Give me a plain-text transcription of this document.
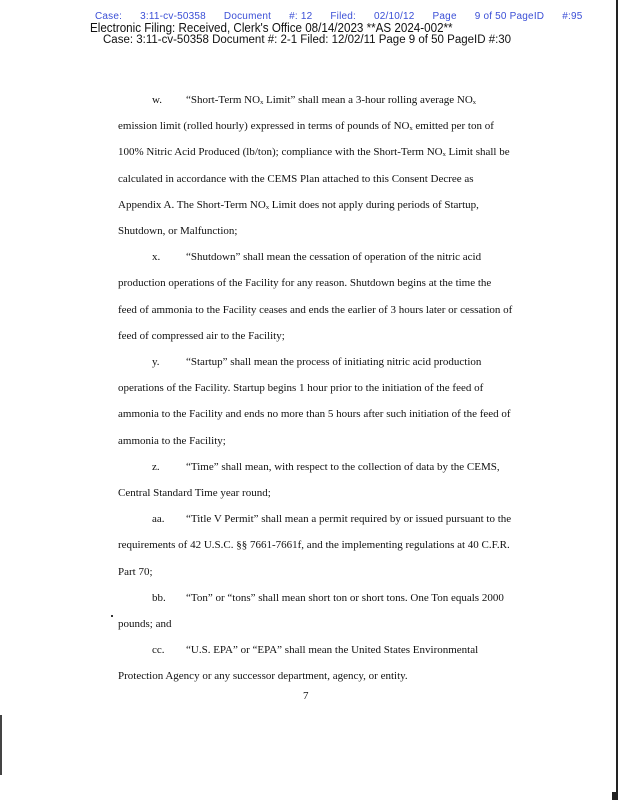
Case: 3:11-cv-50358 Document #: 12 Filed: 02/10/12 Page 9 of 50 PageID #:95
Electronic Filing: Received, Clerk's Office 08/14/2023 **AS 2024-002**
Case: 3:11-cv-50358 Document #: 2-1 Filed: 12/02/11 Page 9 of 50 PageID #:30
w. “Short-Term NOₓ Limit” shall mean a 3-hour rolling average NOₓ
emission limit (rolled hourly) expressed in terms of pounds of NOₓ emitted per ton of
100% Nitric Acid Produced (lb/ton); compliance with the Short-Term NOₓ Limit shall be
calculated in accordance with the CEMS Plan attached to this Consent Decree as
Appendix A. The Short-Term NOₓ Limit does not apply during periods of Startup,
Shutdown, or Malfunction;
x. “Shutdown” shall mean the cessation of operation of the nitric acid
production operations of the Facility for any reason. Shutdown begins at the time the
feed of ammonia to the Facility ceases and ends the earlier of 3 hours later or cessation of
feed of compressed air to the Facility;
y. “Startup” shall mean the process of initiating nitric acid production
operations of the Facility. Startup begins 1 hour prior to the initiation of the feed of
ammonia to the Facility and ends no more than 5 hours after such initiation of the feed of
ammonia to the Facility;
z. “Time” shall mean, with respect to the collection of data by the CEMS,
Central Standard Time year round;
aa. “Title V Permit” shall mean a permit required by or issued pursuant to the
requirements of 42 U.S.C. §§ 7661-7661f, and the implementing regulations at 40 C.F.R.
Part 70;
bb. “Ton” or “tons” shall mean short ton or short tons. One Ton equals 2000
pounds; and
cc. “U.S. EPA” or “EPA” shall mean the United States Environmental
Protection Agency or any successor department, agency, or entity.
7
